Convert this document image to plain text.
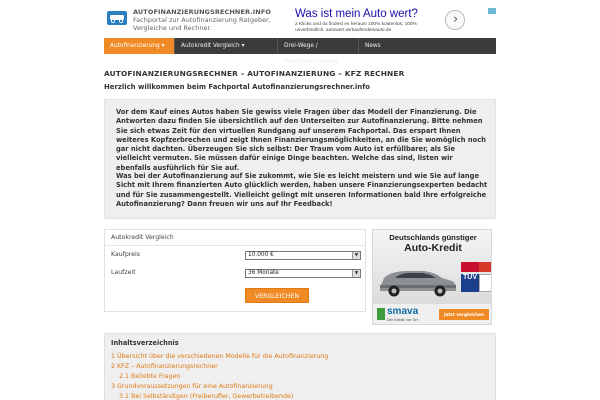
AUTOFINANZIERUNGSRECHNER.INFO
Fachportal zur Autofinanzierung Ratgeber, Vergleiche und Rechner.
Was ist mein Auto wert?
2 Klicks und du findest es heraus! 100% kostenlos, 100% unverbindlich. autowert.wirkaufendeinauto.de
›
Autofinanzierung ▾	Autokredit Vergleich ▾	Drei-Wege / Ballonfinanzierung
News
AUTOFINANZIERUNGSRECHNER – AUTOFINANZIERUNG – KFZ RECHNER
Herzlich willkommen beim Fachportal Autofinanzierungsrechner.info
Vor dem Kauf eines Autos haben Sie gewiss viele Fragen über das Modell der Finanzierung. Die Antworten dazu finden Sie übersichtlich auf den Unterseiten zur Autofinanzierung. Bitte nehmen Sie sich etwas Zeit für den virtuellen Rundgang auf unserem Fachportal. Das erspart Ihnen weiteres Kopfzerbrechen und zeigt Ihnen Finanzierungsmöglichkeiten, an die Sie womöglich noch gar nicht dachten. Überzeugen Sie sich selbst: Der Traum vom Auto ist erfüllbarer, als Sie vielleicht vermuten. Sie müssen dafür einige Dinge beachten. Welche das sind, listen wir ebenfalls ausführlich für Sie auf.
Was bei der Autofinanzierung auf Sie zukommt, wie Sie es leicht meistern und wie Sie auf lange Sicht mit Ihrem finanzierten Auto glücklich werden, haben unsere Finanzierungsexperten bedacht und für Sie zusammengestellt. Vielleicht gelingt mit unseren Informationen bald Ihre erfolgreiche Autofinanzierung? Dann freuen wir uns auf Ihr Feedback!
Autokredit Vergleich
Kaufpreis	10.000 €	▼
Laufzeit	36 Monate	▼
VERGLEICHEN
Deutschlands günstiger
Auto-Kredit
TÜV
smava
Der Kredit vor Ort
Jetzt vergleichen
Inhaltsverzeichnis
1 Übersicht über die verschiedenen Modelle für die Autofinanzierung
2 KFZ – Autofinanzierungsrechner
2.1 Beliebte Fragen
3 Grundvoraussetzungen für eine Autofinanzierung
3.1 Bei Selbständigen (Freiberufler, Gewerbetreibende)
